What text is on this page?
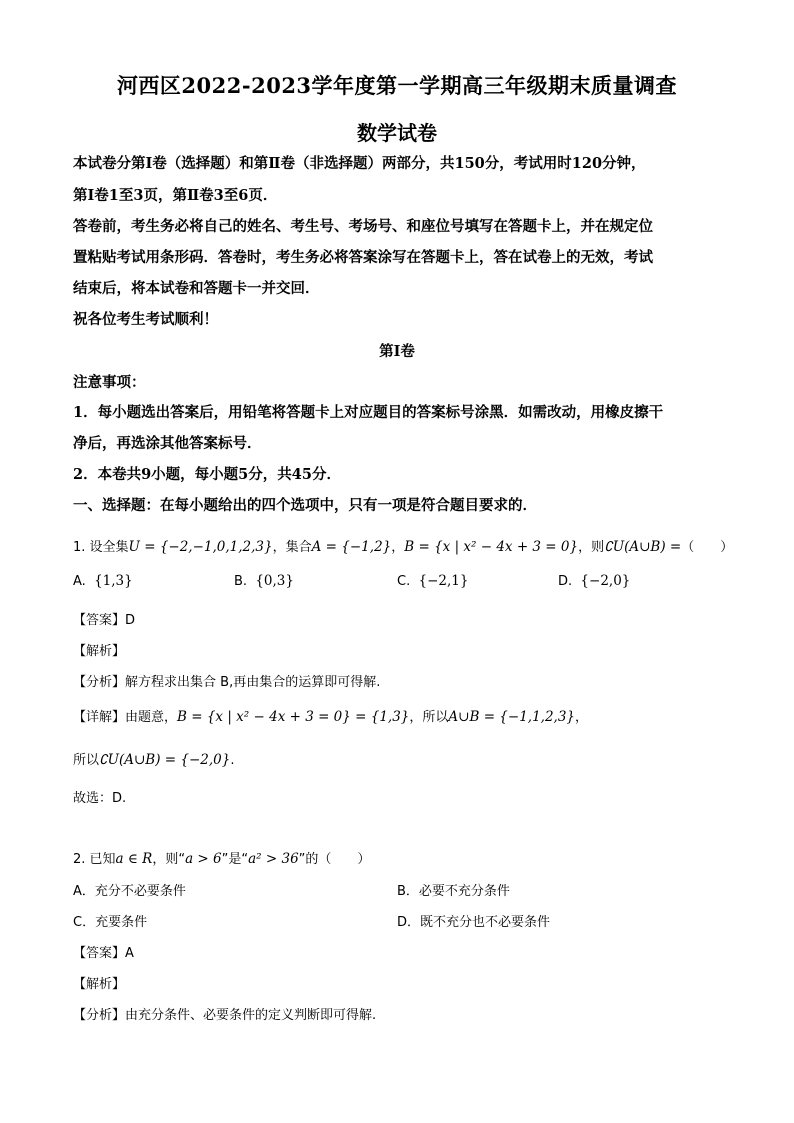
河西区2022-2023学年度第一学期高三年级期末质量调查
数学试卷
本试卷分第Ⅰ卷（选择题）和第Ⅱ卷（非选择题）两部分，共150分，考试用时120分钟，
第Ⅰ卷1至3页，第Ⅱ卷3至6页．
答卷前，考生务必将自己的姓名、考生号、考场号、和座位号填写在答题卡上，并在规定位
置粘贴考试用条形码．答卷时，考生务必将答案涂写在答题卡上，答在试卷上的无效，考试
结束后，将本试卷和答题卡一并交回．
祝各位考生考试顺利！
第Ⅰ卷
注意事项：
1．每小题选出答案后，用铅笔将答题卡上对应题目的答案标号涂黑．如需改动，用橡皮擦干
净后，再选涂其他答案标号．
2．本卷共9小题，每小题5分，共45分．
一、选择题：在每小题给出的四个选项中，只有一项是符合题目要求的．
1. 设全集U = {−2,−1,0,1,2,3}，集合A = {−1,2}，B = {x | x² − 4x + 3 = 0}，则∁U(A∪B) =（　　）
A. {1,3}	B. {0,3}	C. {−2,1}	D. {−2,0}
【答案】D
【解析】
【分析】解方程求出集合 B,再由集合的运算即可得解.
【详解】由题意，B = {x | x² − 4x + 3 = 0} = {1,3}，所以A∪B = {−1,1,2,3}，
所以∁U(A∪B) = {−2,0}.
故选：D.
2. 已知a ∈ R，则“a > 6”是“a² > 36”的（　　）
A．充分不必要条件	B．必要不充分条件
C．充要条件	D．既不充分也不必要条件
【答案】A
【解析】
【分析】由充分条件、必要条件的定义判断即可得解.
